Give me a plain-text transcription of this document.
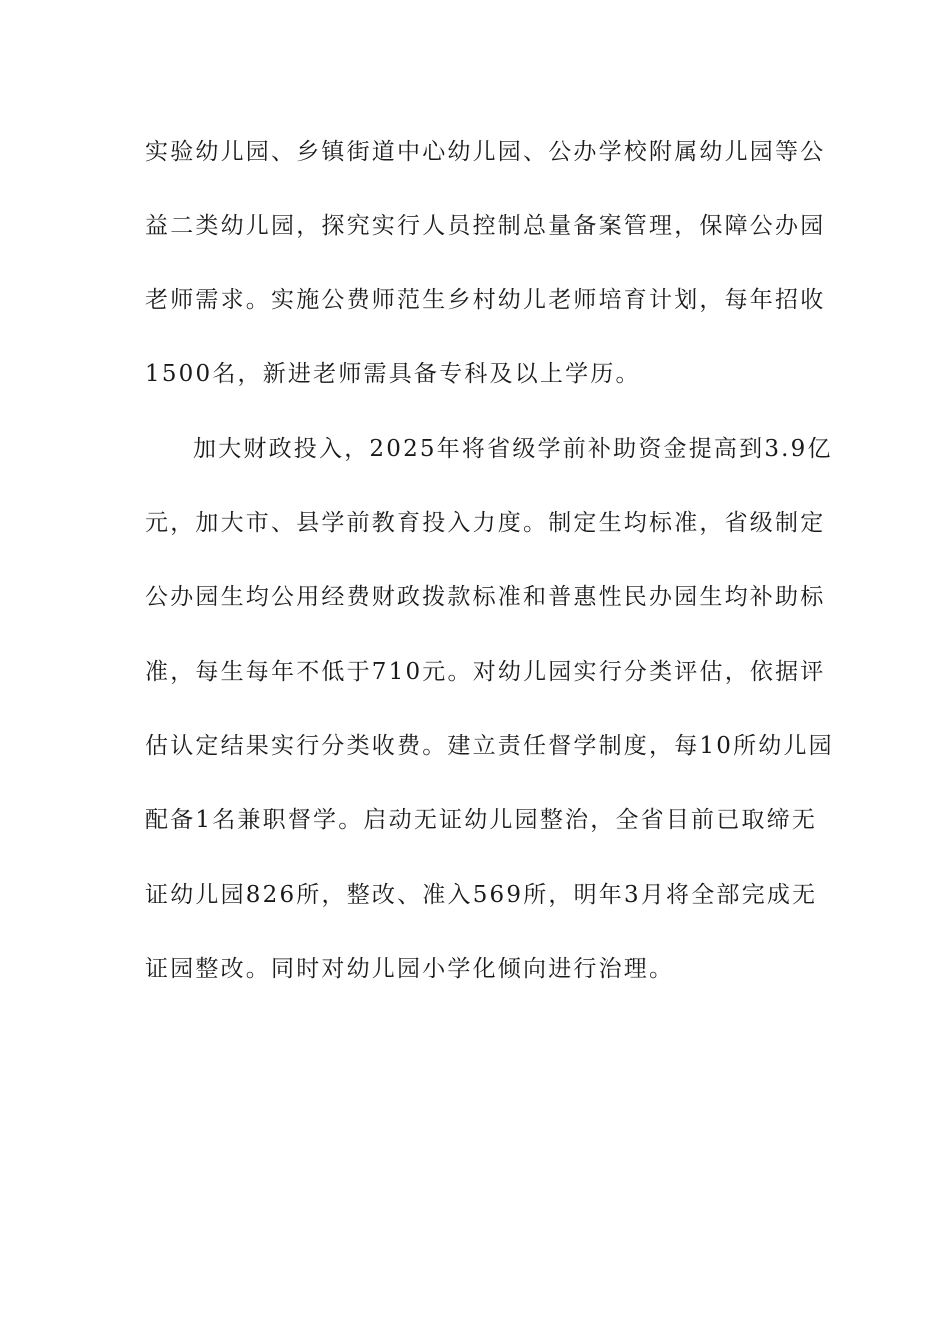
实验幼儿园、乡镇街道中心幼儿园、公办学校附属幼儿园等公
益二类幼儿园，探究实行人员控制总量备案管理，保障公办园
老师需求。实施公费师范生乡村幼儿老师培育计划，每年招收
1500名，新进老师需具备专科及以上学历。
加大财政投入，2025年将省级学前补助资金提高到3.9亿
元，加大市、县学前教育投入力度。制定生均标准，省级制定
公办园生均公用经费财政拨款标准和普惠性民办园生均补助标
准，每生每年不低于710元。对幼儿园实行分类评估，依据评
估认定结果实行分类收费。建立责任督学制度，每10所幼儿园
配备1名兼职督学。启动无证幼儿园整治，全省目前已取缔无
证幼儿园826所，整改、准入569所，明年3月将全部完成无
证园整改。同时对幼儿园小学化倾向进行治理。
